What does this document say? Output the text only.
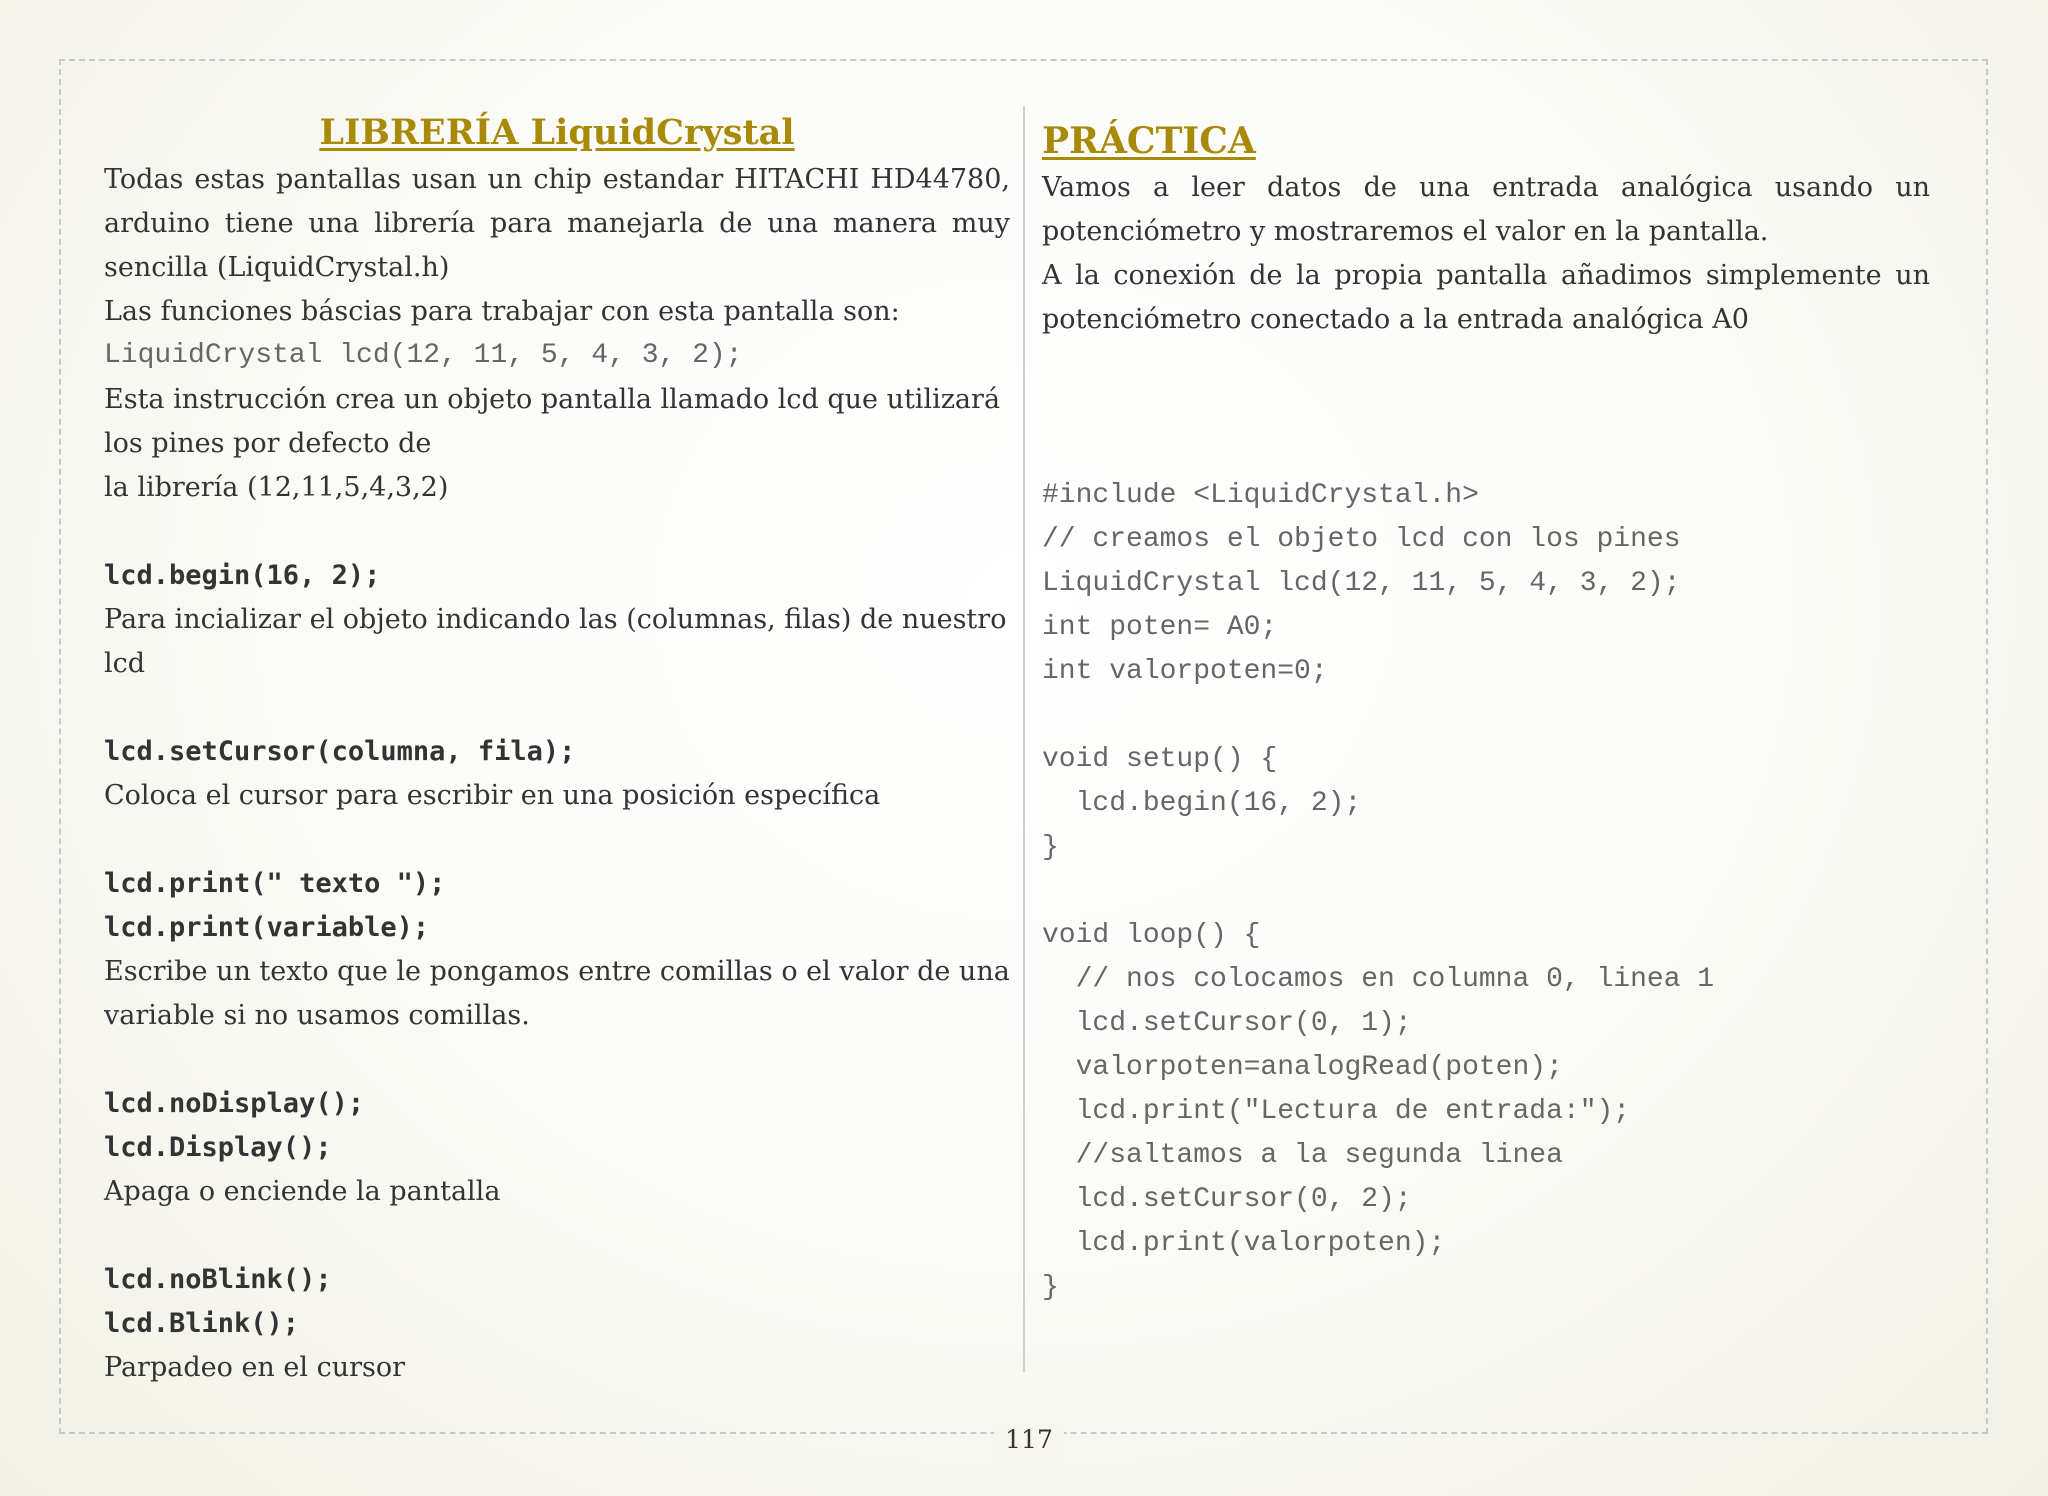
LIBRERÍA LiquidCrystal

Todas estas pantallas usan un chip estandar HITACHI HD44780, arduino tiene una librería para manejarla de una manera muy sencilla (LiquidCrystal.h)

Las funciones báscias para trabajar con esta pantalla son:

LiquidCrystal lcd(12, 11, 5, 4, 3, 2);

Esta instrucción crea un objeto pantalla llamado lcd que utilizará los pines por defecto de

la librería (12,11,5,4,3,2)

lcd.begin(16, 2);

Para incializar el objeto indicando las (columnas, filas) de nuestro lcd

lcd.setCursor(columna, fila);

Coloca el cursor para escribir en una posición específica

lcd.print(" texto ");

lcd.print(variable);

Escribe un texto que le pongamos entre comillas o el valor de una variable si no usamos comillas.

lcd.noDisplay();

lcd.Display();

Apaga o enciende la pantalla

lcd.noBlink();

lcd.Blink();

Parpadeo en el cursor

PRÁCTICA

Vamos a leer datos de una entrada analógica usando un potenciómetro y mostraremos el valor en la pantalla.

A la conexión de la propia pantalla añadimos simplemente un potenciómetro conectado a la entrada analógica A0

#include <LiquidCrystal.h>
// creamos el objeto lcd con los pines
LiquidCrystal lcd(12, 11, 5, 4, 3, 2);
int poten= A0;
int valorpoten=0;
void setup() {
lcd.begin(16, 2);
}
void loop() {
// nos colocamos en columna 0, linea 1
lcd.setCursor(0, 1);
valorpoten=analogRead(poten);
lcd.print("Lectura de entrada:");
//saltamos a la segunda linea
lcd.setCursor(0, 2);
lcd.print(valorpoten);
}
117
